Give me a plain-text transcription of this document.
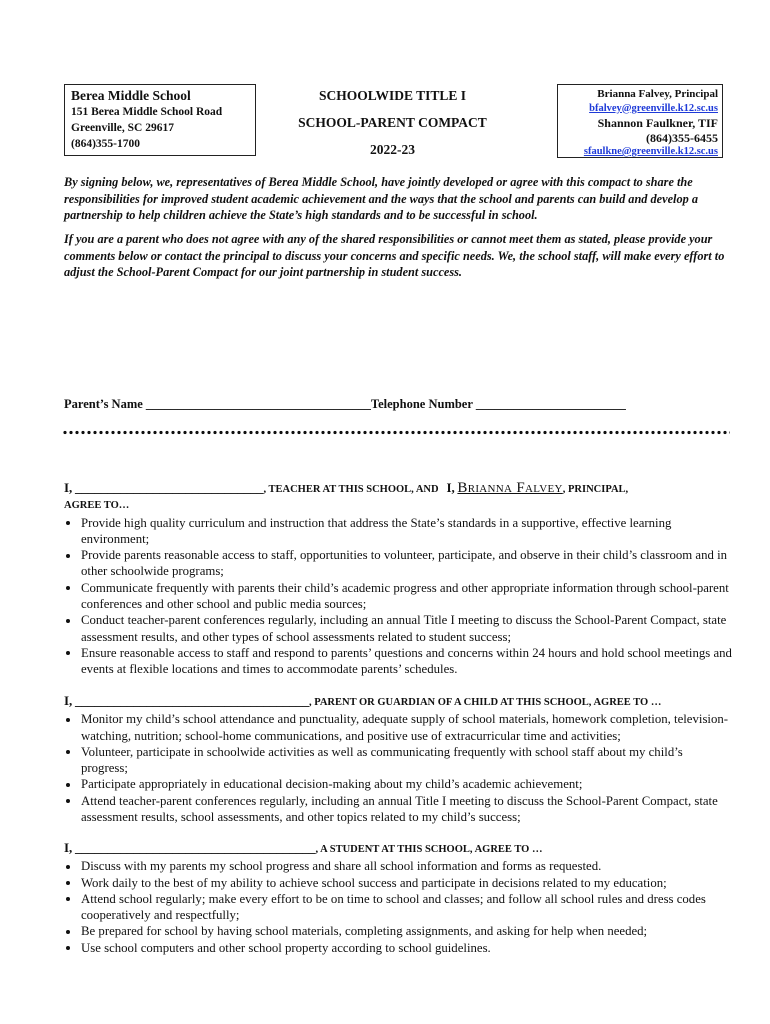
Berea Middle School
151 Berea Middle School Road
Greenville, SC 29617
(864)355-1700
SCHOOLWIDE TITLE I
SCHOOL-PARENT COMPACT
2022-23
Brianna Falvey, Principal
bfalvey@greenville.k12.sc.us
Shannon Faulkner, TIF
(864)355-6455
sfaulkne@greenville.k12.sc.us

By signing below, we, representatives of Berea Middle School, have jointly developed or agree with this compact to share the responsibilities for improved student academic achievement and the ways that the school and parents can build and develop a partnership to help children achieve the State’s high standards and to be successful in school.

If you are a parent who does not agree with any of the shared responsibilities or cannot meet them as stated, please provide your comments below or contact the principal to discuss your concerns and specific needs. We, the school staff, will make every effort to adjust the School-Parent Compact for our joint partnership in student success.

Parent’s Name ____________________________________Telephone Number ________________________
I, _____________________________, TEACHER AT THIS SCHOOL, AND I, Brianna Falvey, PRINCIPAL,
AGREE TO…
Provide high quality curriculum and instruction that address the State’s standards in a supportive, effective learning environment;
Provide parents reasonable access to staff, opportunities to volunteer, participate, and observe in their child’s classroom and in other schoolwide programs;
Communicate frequently with parents their child’s academic progress and other appropriate information through school-parent conferences and other school and public media sources;
Conduct teacher-parent conferences regularly, including an annual Title I meeting to discuss the School-Parent Compact, state assessment results, and other types of school assessments related to student success;
Ensure reasonable access to staff and respond to parents’ questions and concerns within 24 hours and hold school meetings and events at flexible locations and times to accommodate parents’ schedules.
I, ____________________________________, PARENT OR GUARDIAN OF A CHILD AT THIS SCHOOL, AGREE TO …
Monitor my child’s school attendance and punctuality, adequate supply of school materials, homework completion, television-watching, nutrition; school-home communications, and positive use of extracurricular time and activities;
Volunteer, participate in schoolwide activities as well as communicating frequently with school staff about my child’s progress;
Participate appropriately in educational decision-making about my child’s academic achievement;
Attend teacher-parent conferences regularly, including an annual Title I meeting to discuss the School-Parent Compact, state assessment results, school assessments, and other topics related to my child’s success;
I, _____________________________________, A STUDENT AT THIS SCHOOL, AGREE TO …
Discuss with my parents my school progress and share all school information and forms as requested.
Work daily to the best of my ability to achieve school success and participate in decisions related to my education;
Attend school regularly; make every effort to be on time to school and classes; and follow all school rules and dress codes cooperatively and respectfully;
Be prepared for school by having school materials, completing assignments, and asking for help when needed;
Use school computers and other school property according to school guidelines.
